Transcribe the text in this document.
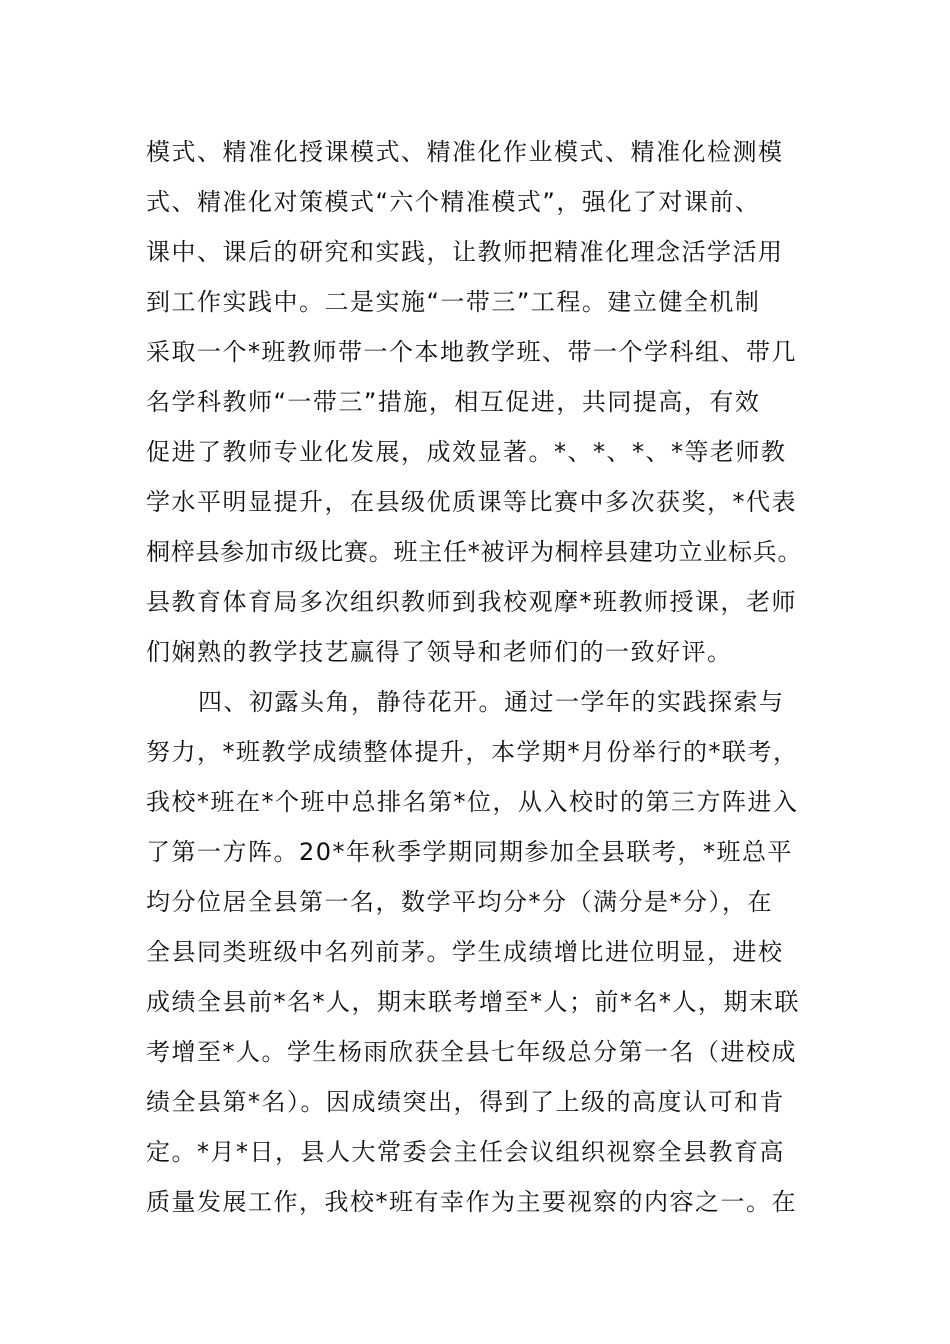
模式、精准化授课模式、精准化作业模式、精准化检测模
式、精准化对策模式“六个精准模式”，强化了对课前、
课中、课后的研究和实践，让教师把精准化理念活学活用
到工作实践中。二是实施“一带三”工程。建立健全机制
采取一个*班教师带一个本地教学班、带一个学科组、带几
名学科教师“一带三”措施，相互促进，共同提高，有效
促进了教师专业化发展，成效显著。*、*、*、*等老师教
学水平明显提升，在县级优质课等比赛中多次获奖，*代表
桐梓县参加市级比赛。班主任*被评为桐梓县建功立业标兵。
县教育体育局多次组织教师到我校观摩*班教师授课，老师
们娴熟的教学技艺赢得了领导和老师们的一致好评。
四、初露头角，静待花开。通过一学年的实践探索与
努力，*班教学成绩整体提升，本学期*月份举行的*联考，
我校*班在*个班中总排名第*位，从入校时的第三方阵进入
了第一方阵。20*年秋季学期同期参加全县联考，*班总平
均分位居全县第一名，数学平均分*分（满分是*分），在
全县同类班级中名列前茅。学生成绩增比进位明显，进校
成绩全县前*名*人，期末联考增至*人；前*名*人，期末联
考增至*人。学生杨雨欣获全县七年级总分第一名（进校成
绩全县第*名）。因成绩突出，得到了上级的高度认可和肯
定。*月*日，县人大常委会主任会议组织视察全县教育高
质量发展工作，我校*班有幸作为主要视察的内容之一。在
